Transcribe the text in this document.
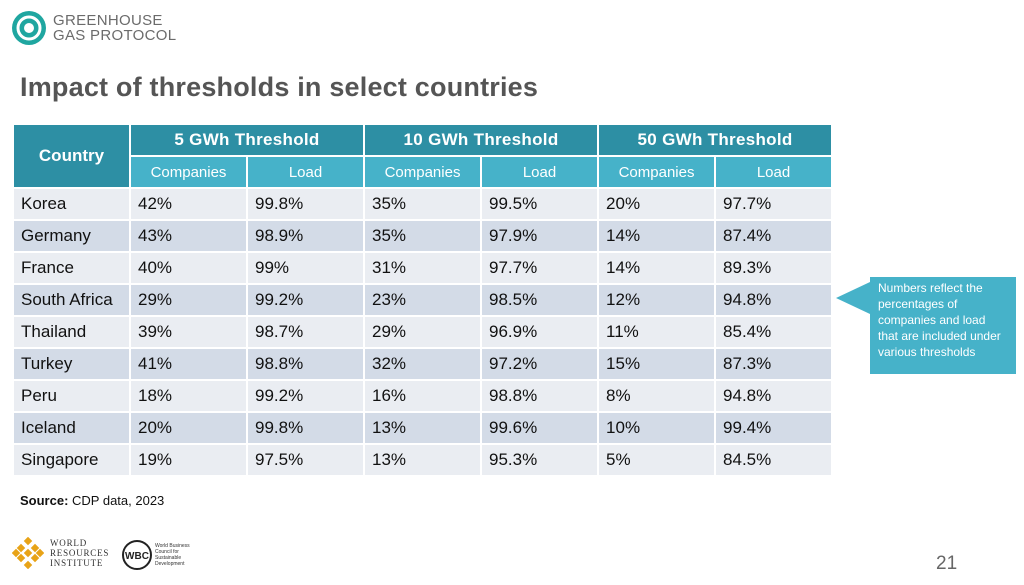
GREENHOUSE
GAS PROTOCOL
Impact of thresholds in select countries
Country	5 GWh Threshold		10 GWh Threshold		50 GWh Threshold	
	Companies	Load	Companies	Load	Companies	Load
Korea	42%	99.8%	35%	99.5%	20%	97.7%
Germany	43%	98.9%	35%	97.9%	14%	87.4%
France	40%	99%	31%	97.7%	14%	89.3%
South Africa	29%	99.2%	23%	98.5%	12%	94.8%
Thailand	39%	98.7%	29%	96.9%	11%	85.4%
Turkey	41%	98.8%	32%	97.2%	15%	87.3%
Peru	18%	99.2%	16%	98.8%	8%	94.8%
Iceland	20%	99.8%	13%	99.6%	10%	99.4%
Singapore	19%	97.5%	13%	95.3%	5%	84.5%
Numbers reflect the percentages of companies and load that are included under various thresholds

Source: CDP data, 2023

WORLD
RESOURCES
INSTITUTE
WBC
World Business Council for Sustainable Development	21
